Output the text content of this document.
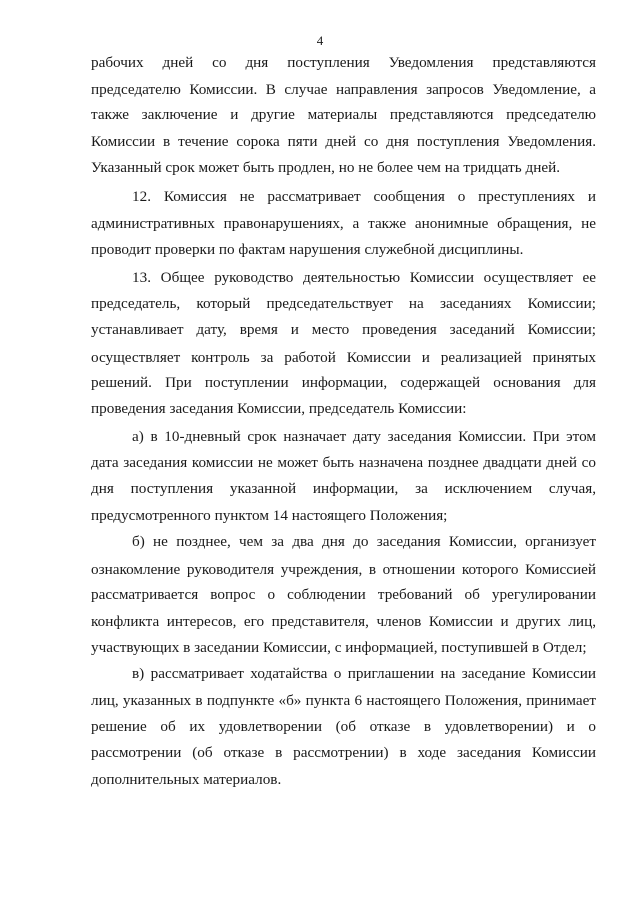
4
рабочих дней со дня поступления Уведомления представляются
председателю Комиссии. В случае направления запросов Уведомление, а
также заключение и другие материалы представляются председателю
Комиссии в течение сорока пяти дней со дня поступления Уведомления.
Указанный срок может быть продлен, но не более чем на тридцать дней.
12. Комиссия не рассматривает сообщения о преступлениях и
административных правонарушениях, а также анонимные обращения, не
проводит проверки по фактам нарушения служебной дисциплины.
13. Общее руководство деятельностью Комиссии осуществляет ее
председатель, который председательствует на заседаниях Комиссии;
устанавливает дату, время и место проведения заседаний Комиссии;
осуществляет контроль за работой Комиссии и реализацией принятых
решений. При поступлении информации, содержащей основания для
проведения заседания Комиссии, председатель Комиссии:
а) в 10-дневный срок назначает дату заседания Комиссии. При этом
дата заседания комиссии не может быть назначена позднее двадцати дней со
дня поступления указанной информации, за исключением случая,
предусмотренного пунктом 14 настоящего Положения;
б) не позднее, чем за два дня до заседания Комиссии, организует
ознакомление руководителя учреждения, в отношении которого Комиссией
рассматривается вопрос о соблюдении требований об урегулировании
конфликта интересов, его представителя, членов Комиссии и других лиц,
участвующих в заседании Комиссии, с информацией, поступившей в Отдел;
в) рассматривает ходатайства о приглашении на заседание Комиссии
лиц, указанных в подпункте «б» пункта 6 настоящего Положения, принимает
решение об их удовлетворении (об отказе в удовлетворении) и о
рассмотрении (об отказе в рассмотрении) в ходе заседания Комиссии
дополнительных материалов.
